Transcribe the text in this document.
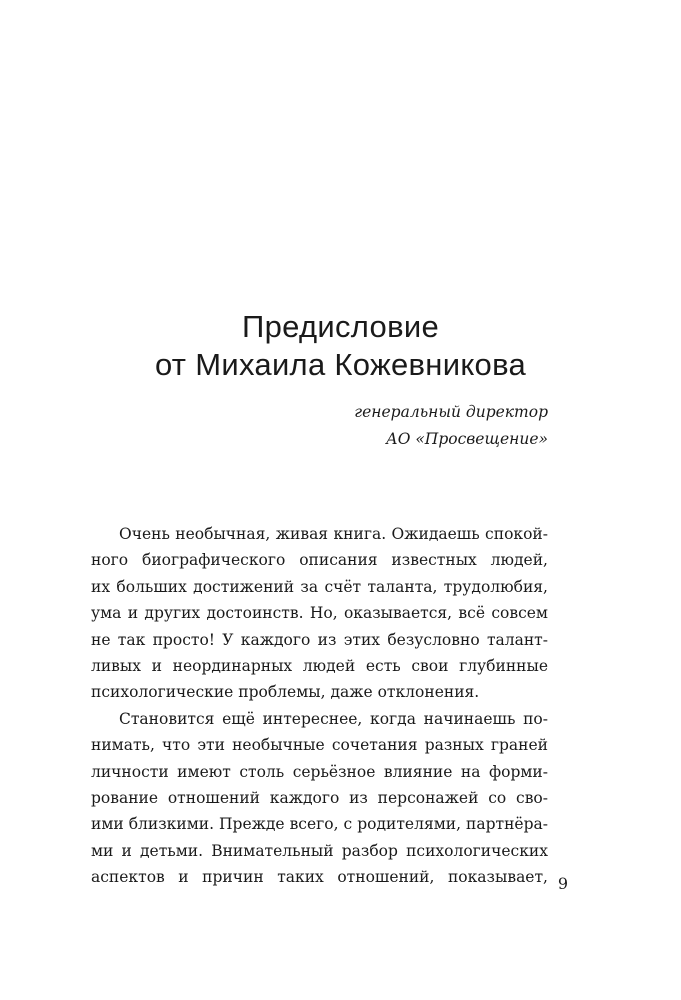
Предисловие
от Михаила Кожевникова
генеральный директор
АО «Просвещение»

Очень необычная, живая книга. Ожидаешь спокой-
ного биографического описания известных людей,
их больших достижений за счёт таланта, трудолюбия,
ума и других достоинств. Но, оказывается, всё совсем
не так просто! У каждого из этих безусловно талант-
ливых и неординарных людей есть свои глубинные
психологические проблемы, даже отклонения.

Становится ещё интереснее, когда начинаешь по-
нимать, что эти необычные сочетания разных граней
личности имеют столь серьёзное влияние на форми-
рование отношений каждого из персонажей со сво-
ими близкими. Прежде всего, с родителями, партнёра-
ми и детьми. Внимательный разбор психологических
аспектов и причин таких отношений, показывает, 9
